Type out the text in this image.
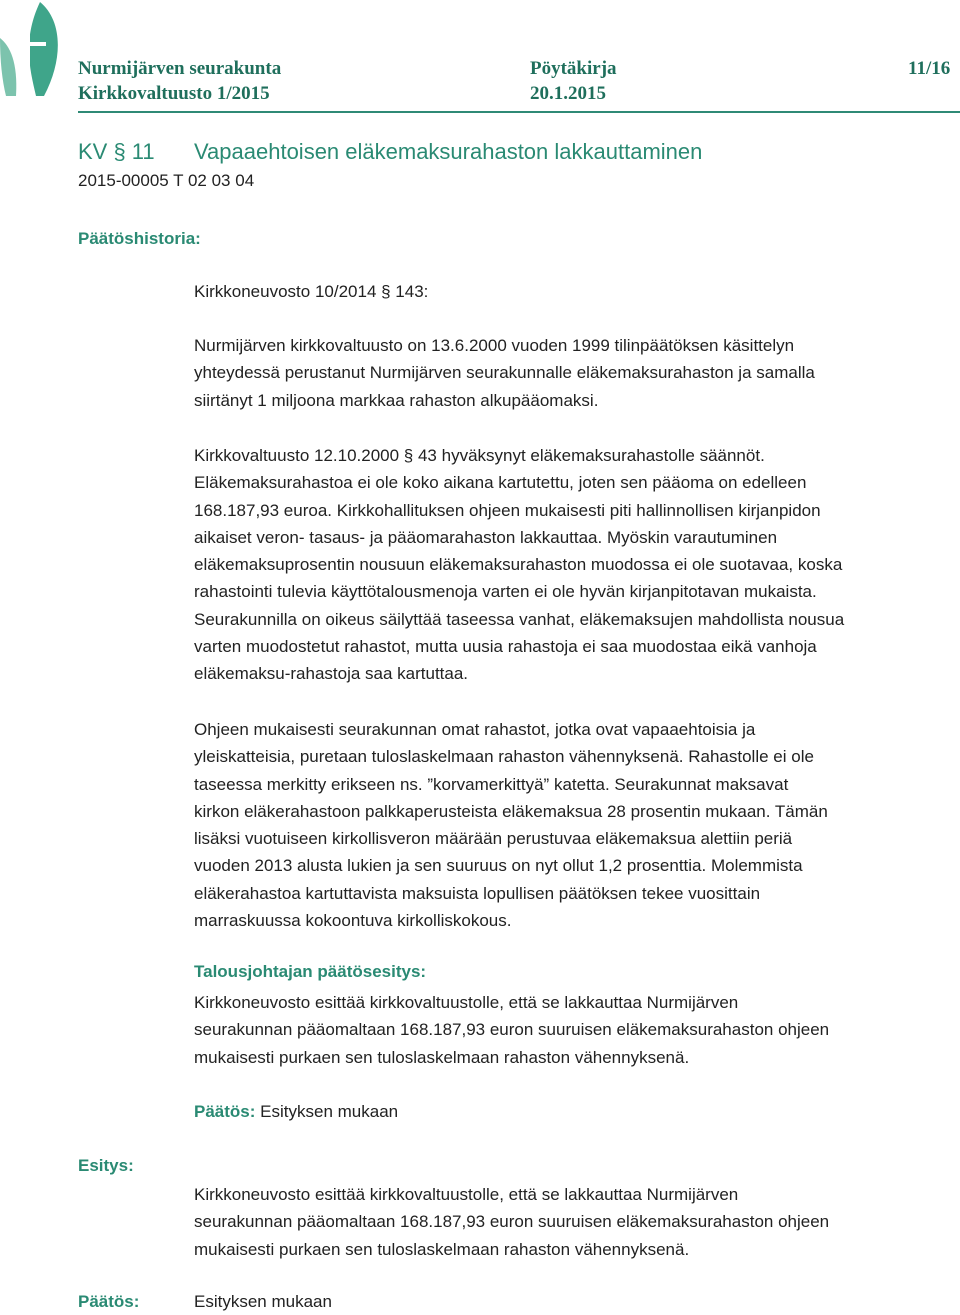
Nurmijärven seurakunta	Pöytäkirja	11/16
Kirkkovaltuusto 1/2015	20.1.2015
KV § 11 Vapaaehtoisen eläkemaksurahaston lakkauttaminen
2015-00005 T 02 03 04
Päätöshistoria:
Kirkkoneuvosto 10/2014 § 143:
Nurmijärven kirkkovaltuusto on 13.6.2000 vuoden 1999 tilinpäätöksen käsittelyn
yhteydessä perustanut Nurmijärven seurakunnalle eläkemaksurahaston ja samalla
siirtänyt 1 miljoona markkaa rahaston alkupääomaksi.
Kirkkovaltuusto 12.10.2000 § 43 hyväksynyt eläkemaksurahastolle säännöt.
Eläkemaksurahastoa ei ole koko aikana kartutettu, joten sen pääoma on edelleen
168.187,93 euroa. Kirkkohallituksen ohjeen mukaisesti piti hallinnollisen kirjanpidon
aikaiset veron- tasaus- ja pääomarahaston lakkauttaa. Myöskin varautuminen
eläkemaksuprosentin nousuun eläkemaksurahaston muodossa ei ole suotavaa, koska
rahastointi tulevia käyttötalousmenoja varten ei ole hyvän kirjanpitotavan mukaista.
Seurakunnilla on oikeus säilyttää taseessa vanhat, eläkemaksujen mahdollista nousua
varten muodostetut rahastot, mutta uusia rahastoja ei saa muodostaa eikä vanhoja
eläkemaksu-rahastoja saa kartuttaa.
Ohjeen mukaisesti seurakunnan omat rahastot, jotka ovat vapaaehtoisia ja
yleiskatteisia, puretaan tuloslaskelmaan rahaston vähennyksenä. Rahastolle ei ole
taseessa merkitty erikseen ns. ”korvamerkittyä” katetta. Seurakunnat maksavat
kirkon eläkerahastoon palkkaperusteista eläkemaksua 28 prosentin mukaan. Tämän
lisäksi vuotuiseen kirkollisveron määrään perustuvaa eläkemaksua alettiin periä
vuoden 2013 alusta lukien ja sen suuruus on nyt ollut 1,2 prosenttia. Molemmista
eläkerahastoa kartuttavista maksuista lopullisen päätöksen tekee vuosittain
marraskuussa kokoontuva kirkolliskokous.
Talousjohtajan päätösesitys:
Kirkkoneuvosto esittää kirkkovaltuustolle, että se lakkauttaa Nurmijärven
seurakunnan pääomaltaan 168.187,93 euron suuruisen eläkemaksurahaston ohjeen
mukaisesti purkaen sen tuloslaskelmaan rahaston vähennyksenä.
Päätös: Esityksen mukaan
Esitys:
Kirkkoneuvosto esittää kirkkovaltuustolle, että se lakkauttaa Nurmijärven
seurakunnan pääomaltaan 168.187,93 euron suuruisen eläkemaksurahaston ohjeen
mukaisesti purkaen sen tuloslaskelmaan rahaston vähennyksenä.
Päätös:	Esityksen mukaan
